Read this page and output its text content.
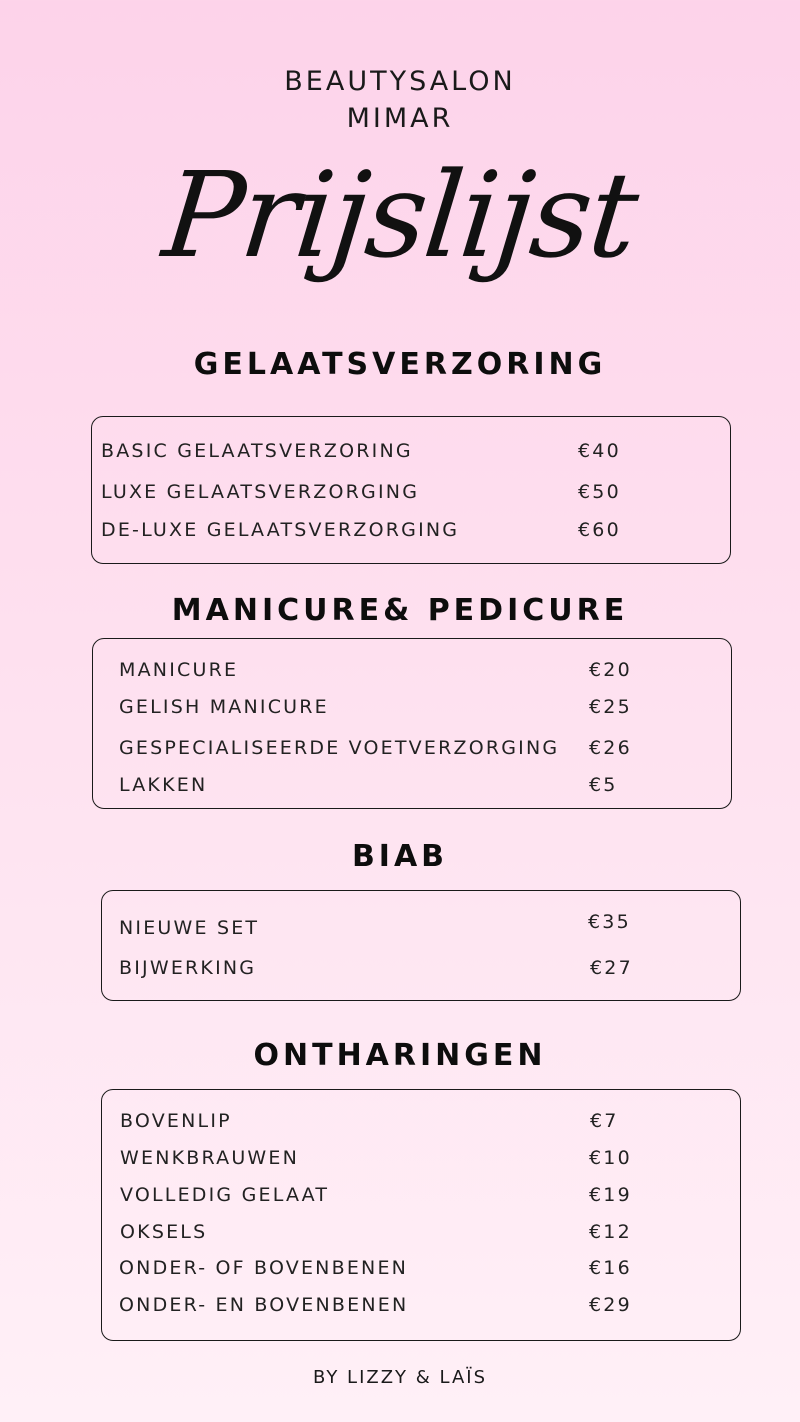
BEAUTYSALON
MIMAR
Prijslijst
GELAATSVERZORING
BASIC GELAATSVERZORING	€40
LUXE GELAATSVERZORGING	€50
DE-LUXE GELAATSVERZORGING	€60
MANICURE& PEDICURE
MANICURE	€20
GELISH MANICURE	€25
GESPECIALISEERDE VOETVERZORGING €26
LAKKEN	€5
BIAB
NIEUWE SET	€35
BIJWERKING	€27
ONTHARINGEN
BOVENLIP	€7
WENKBRAUWEN	€10
VOLLEDIG GELAAT	€19
OKSELS	€12
ONDER- OF BOVENBENEN	€16
ONDER- EN BOVENBENEN	€29
BY LIZZY & LAÏS
